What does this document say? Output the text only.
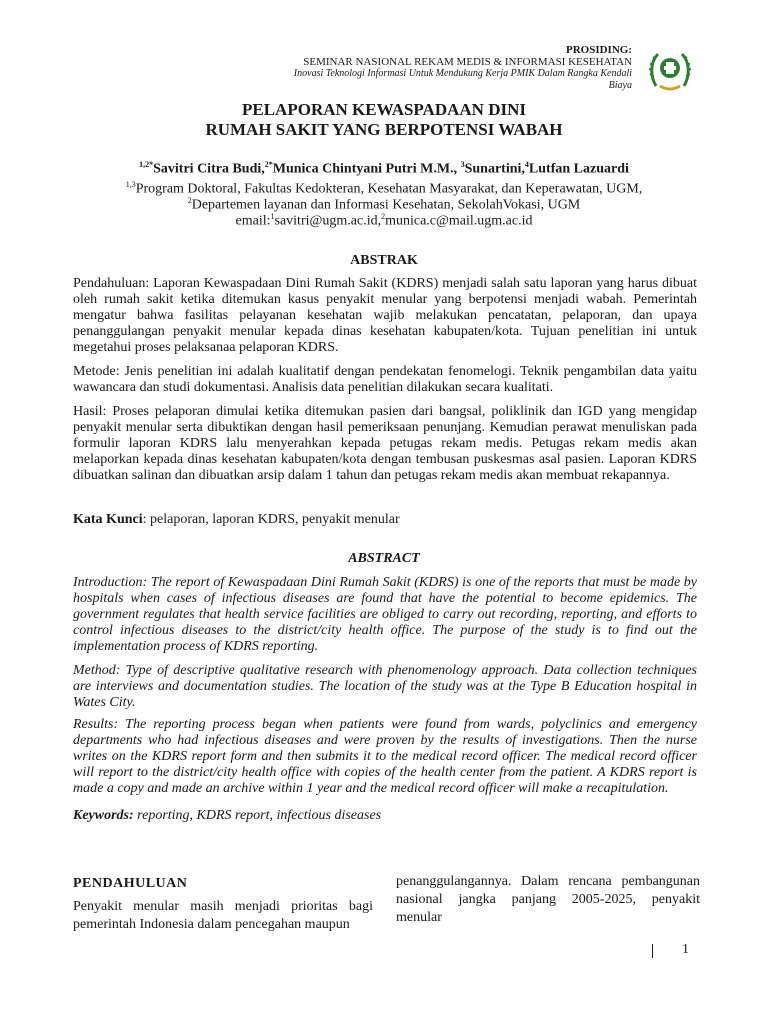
PROSIDING:
SEMINAR NASIONAL REKAM MEDIS & INFORMASI KESEHATAN
Inovasi Teknologi Informasi Untuk Mendukung Kerja PMIK Dalam Rangka Kendali
Biaya
PELAPORAN KEWASPADAAN DINI
RUMAH SAKIT YANG BERPOTENSI WABAH
$^{1,2*}$Savitri Citra Budi,$^{2*}$Munica Chintyani Putri M.M., $^3$Sunartini,$^4$Lutfan Lazuardi
$^{1,3}$Program Doktoral, Fakultas Kedokteran, Kesehatan Masyarakat, dan Keperawatan, UGM,
$^2$Departemen layanan dan Informasi Kesehatan, SekolahVokasi, UGM
email:$^1$savitri@ugm.ac.id,$^2$munica.c@mail.ugm.ac.id
ABSTRAK

Pendahuluan: Laporan Kewaspadaan Dini Rumah Sakit (KDRS) menjadi salah satu laporan yang harus dibuat oleh rumah sakit ketika ditemukan kasus penyakit menular yang berpotensi menjadi wabah. Pemerintah mengatur bahwa fasilitas pelayanan kesehatan wajib melakukan pencatatan, pelaporan, dan upaya penanggulangan penyakit menular kepada dinas kesehatan kabupaten/kota. Tujuan penelitian ini untuk megetahui proses pelaksanaa pelaporan KDRS.

Metode: Jenis penelitian ini adalah kualitatif dengan pendekatan fenomelogi. Teknik pengambilan data yaitu wawancara dan studi dokumentasi. Analisis data penelitian dilakukan secara kualitati.

Hasil: Proses pelaporan dimulai ketika ditemukan pasien dari bangsal, poliklinik dan IGD yang mengidap penyakit menular serta dibuktikan dengan hasil pemeriksaan penunjang. Kemudian perawat menuliskan pada formulir laporan KDRS lalu menyerahkan kepada petugas rekam medis. Petugas rekam medis akan melaporkan kepada dinas kesehatan kabupaten/kota dengan tembusan puskesmas asal pasien. Laporan KDRS dibuatkan salinan dan dibuatkan arsip dalam 1 tahun dan petugas rekam medis akan membuat rekapannya.

Kata Kunci: pelaporan, laporan KDRS, penyakit menular

ABSTRACT

Introduction: The report of Kewaspadaan Dini Rumah Sakit (KDRS) is one of the reports that must be made by hospitals when cases of infectious diseases are found that have the potential to become epidemics. The government regulates that health service facilities are obliged to carry out recording, reporting, and efforts to control infectious diseases to the district/city health office. The purpose of the study is to find out the implementation process of KDRS reporting.

Method: Type of descriptive qualitative research with phenomenology approach. Data collection techniques are interviews and documentation studies. The location of the study was at the Type B Education hospital in Wates City.

Results: The reporting process began when patients were found from wards, polyclinics and emergency departments who had infectious diseases and were proven by the results of investigations. Then the nurse writes on the KDRS report form and then submits it to the medical record officer. The medical record officer will report to the district/city health office with copies of the health center from the patient. A KDRS report is made a copy and made an archive within 1 year and the medical record officer will make a recapitulation.

Keywords: reporting, KDRS report, infectious diseases

PENDAHULUAN
Penyakit menular masih menjadi prioritas bagi pemerintah Indonesia dalam pencegahan maupun
penanggulangannya. Dalam rencana pembangunan nasional jangka panjang 2005-2025, penyakit menular
1
